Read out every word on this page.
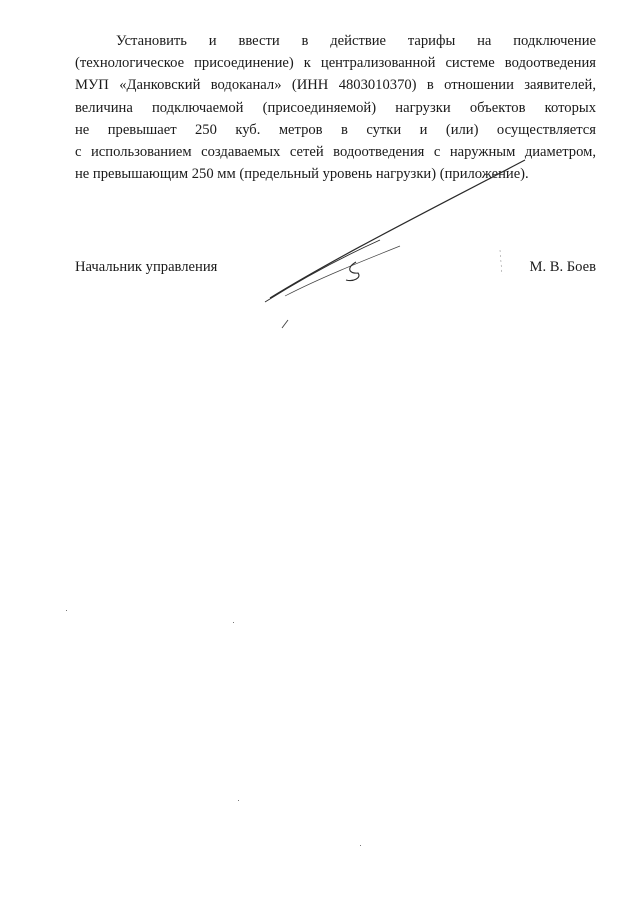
Установить и ввести в действие тарифы на подключение
(технологическое присоединение) к централизованной системе водоотведения
МУП «Данковский водоканал» (ИНН 4803010370) в отношении заявителей,
величина подключаемой (присоединяемой) нагрузки объектов которых
не превышает 250 куб. метров в сутки и (или) осуществляется
с использованием создаваемых сетей водоотведения с наружным диаметром,
не превышающим 250 мм (предельный уровень нагрузки) (приложение).

Начальник управления	М. В. Боев
